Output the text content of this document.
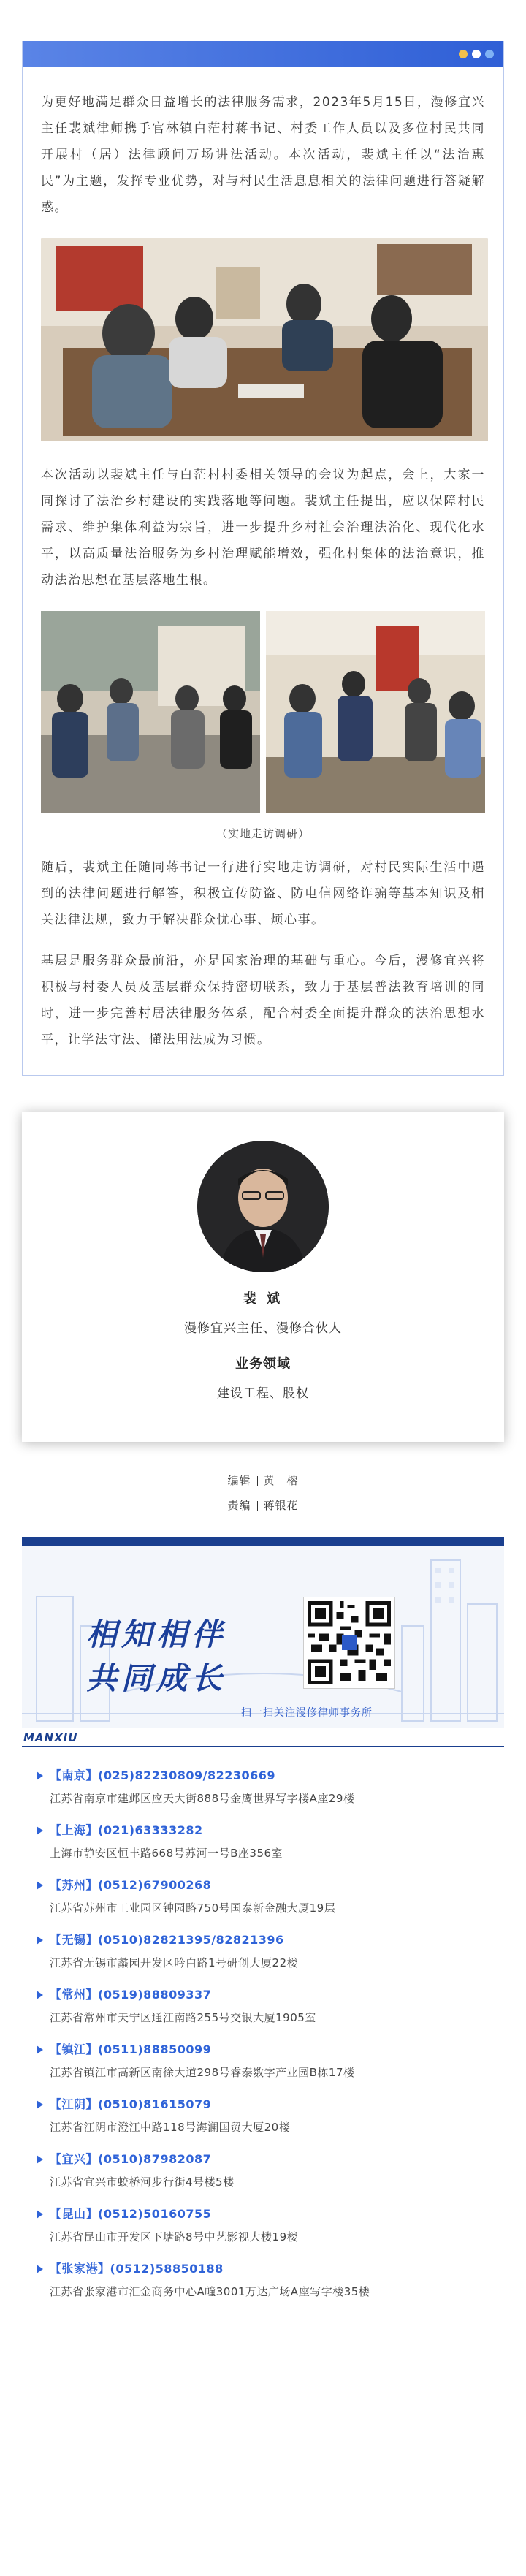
为更好地满足群众日益增长的法律服务需求，2023年5月15日，漫修宜兴主任裴斌律师携手官林镇白茫村蒋书记、村委工作人员以及多位村民共同开展村（居）法律顾问万场讲法活动。本次活动，裴斌主任以“法治惠民”为主题，发挥专业优势，对与村民生活息息相关的法律问题进行答疑解惑。

本次活动以裴斌主任与白茫村村委相关领导的会议为起点，会上，大家一同探讨了法治乡村建设的实践落地等问题。裴斌主任提出，应以保障村民需求、维护集体利益为宗旨，进一步提升乡村社会治理法治化、现代化水平，以高质量法治服务为乡村治理赋能增效，强化村集体的法治意识，推动法治思想在基层落地生根。

（实地走访调研）

随后，裴斌主任随同蒋书记一行进行实地走访调研，对村民实际生活中遇到的法律问题进行解答，积极宣传防盗、防电信网络诈骗等基本知识及相关法律法规，致力于解决群众忧心事、烦心事。

基层是服务群众最前沿，亦是国家治理的基础与重心。今后，漫修宜兴将积极与村委人员及基层群众保持密切联系，致力于基层普法教育培训的同时，进一步完善村居法律服务体系，配合村委全面提升群众的法治思想水平，让学法守法、懂法用法成为习惯。

裴 斌
漫修宜兴主任、漫修合伙人
业务领域
建设工程、股权
编辑 黄　榕
责编 蒋银花
相知相伴
共同成长
扫一扫关注漫修律师事务所
MANXIU
【南京】(025)82230809/82230669
江苏省南京市建邺区应天大街888号金鹰世界写字楼A座29楼
【上海】(021)63333282
上海市静安区恒丰路668号苏河一号B座356室
【苏州】(0512)67900268
江苏省苏州市工业园区钟园路750号国泰新金融大厦19层
【无锡】(0510)82821395/82821396
江苏省无锡市蠡园开发区吟白路1号研创大厦22楼
【常州】(0519)88809337
江苏省常州市天宁区通江南路255号交银大厦1905室
【镇江】(0511)88850099
江苏省镇江市高新区南徐大道298号睿泰数字产业园B栋17楼
【江阴】(0510)81615079
江苏省江阴市澄江中路118号海澜国贸大厦20楼
【宜兴】(0510)87982087
江苏省宜兴市蛟桥河步行街4号楼5楼
【昆山】(0512)50160755
江苏省昆山市开发区下塘路8号中艺影视大楼19楼
【张家港】(0512)58850188
江苏省张家港市汇金商务中心A幢3001万达广场A座写字楼35楼
